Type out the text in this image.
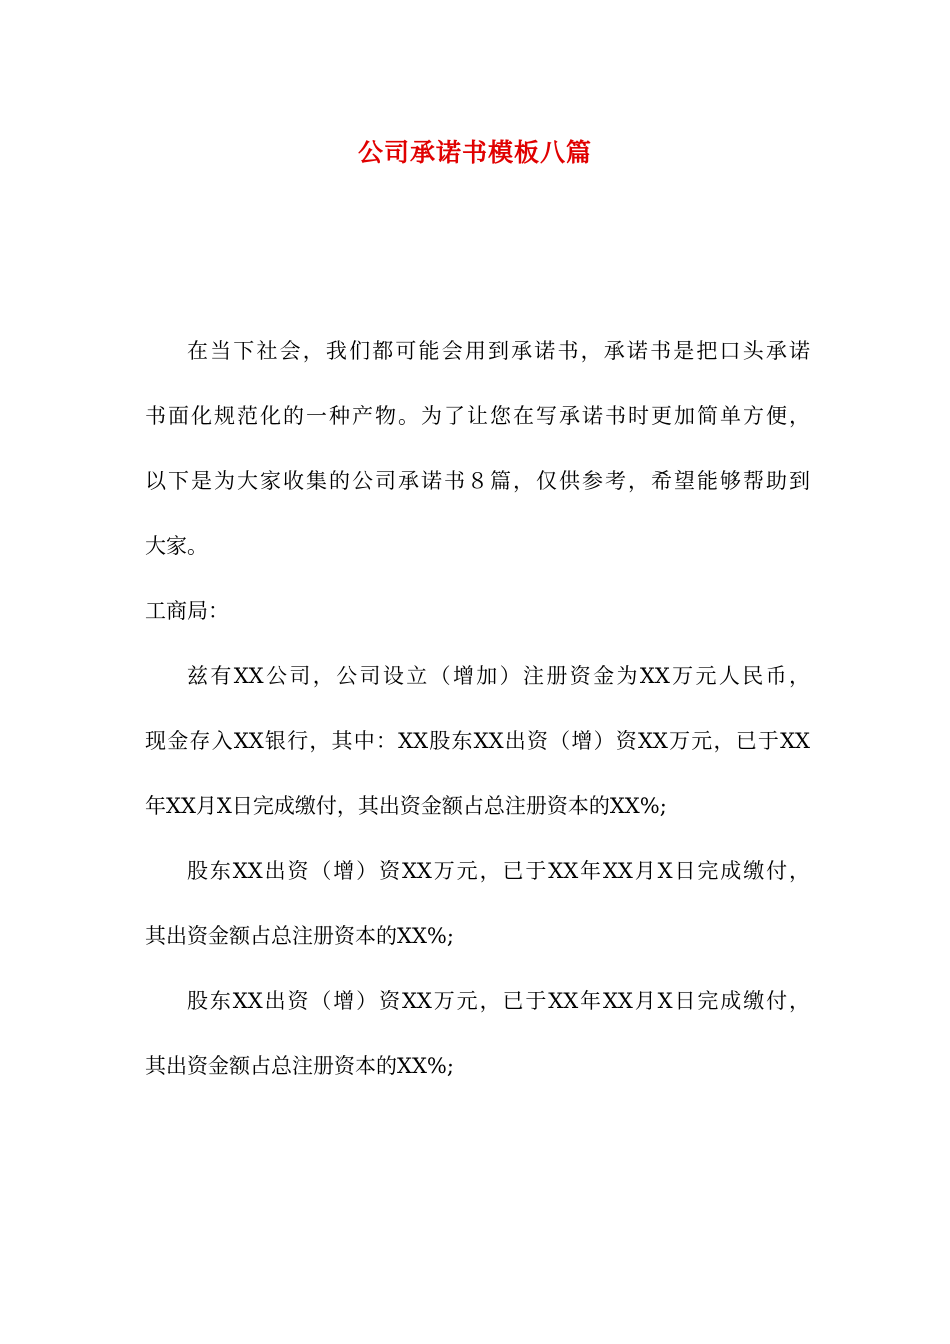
公司承诺书模板八篇
在当下社会，我们都可能会用到承诺书，承诺书是把口头承诺
书面化规范化的一种产物。为了让您在写承诺书时更加简单方便，
以下是为大家收集的公司承诺书８篇，仅供参考，希望能够帮助到
大家。
工商局：
兹有XX公司，公司设立（增加）注册资金为XX万元人民币，
现金存入XX银行，其中：XX股东XX出资（增）资XX万元，已于XX
年XX月X日完成缴付，其出资金额占总注册资本的XX%;
股东XX出资（增）资XX万元，已于XX年XX月X日完成缴付，
其出资金额占总注册资本的XX%;
股东XX出资（增）资XX万元，已于XX年XX月X日完成缴付，
其出资金额占总注册资本的XX%;
